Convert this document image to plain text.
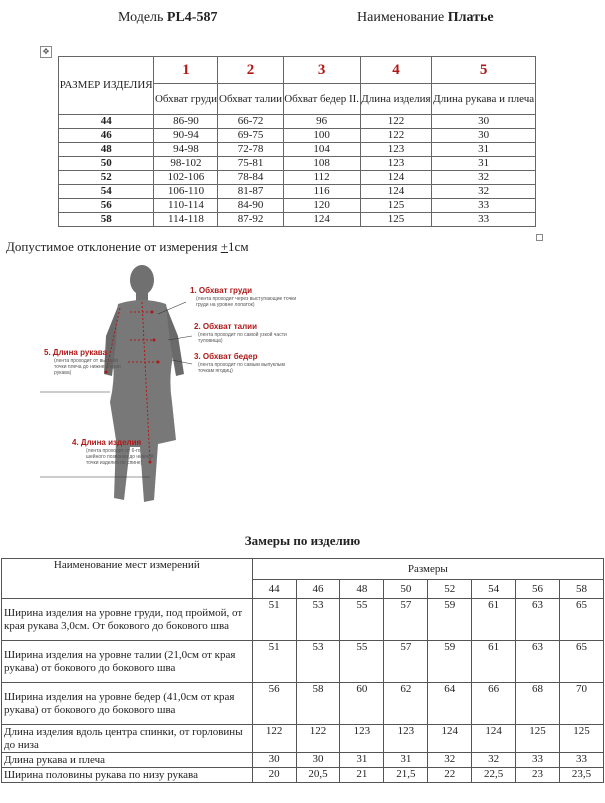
Модель PL4-587	Наименование Платье
✥
РАЗМЕР ИЗДЕЛИЯ	1	2	3	4	5
	Обхват груди	Обхват талии	Обхват бедер II.	Длина изделия	Длина рукава и плеча
44	86-90	66-72	96	122	30
46	90-94	69-75	100	122	30
48	94-98	72-78	104	123	31
50	98-102	75-81	108	123	31
52	102-106	78-84	112	124	32
54	106-110	81-87	116	124	32
56	110-114	84-90	120	125	33
58	114-118	87-92	124	125	33
Допустимое отклонение от измерения +1см
1. Обхват груди
(лента проходит через выступающие точки груди на уровне лопаток)
2. Обхват талии
(лента проходит по самой узкой части туловища)
3. Обхват бедер
(лента проходит по самым выпуклым точкам ягодиц)
5. Длина рукава
(лента проходит от высшей точки плеча до нижнего края рукава)
4. Длина изделия
(лента проходит от 6-го шейного позвонка до нижней точки изделия по спине)
Замеры по изделию
Наименование мест измерений	Размеры							
	44	46	48	50	52	54	56	58
Ширина изделия на уровне груди, под проймой, от края рукава 3,0см. От бокового до бокового шва	51	53	55	57	59	61	63	65
Ширина изделия на уровне талии (21,0см от края рукава) от бокового до бокового шва	51	53	55	57	59	61	63	65
Ширина изделия на уровне бедер (41,0см от края рукава) от бокового до бокового шва	56	58	60	62	64	66	68	70
Длина изделия вдоль центра спинки, от горловины до низа	122	122	123	123	124	124	125	125
Длина рукава и плеча	30	30	31	31	32	32	33	33
Ширина половины рукава по низу рукава	20	20,5	21	21,5	22	22,5	23	23,5
